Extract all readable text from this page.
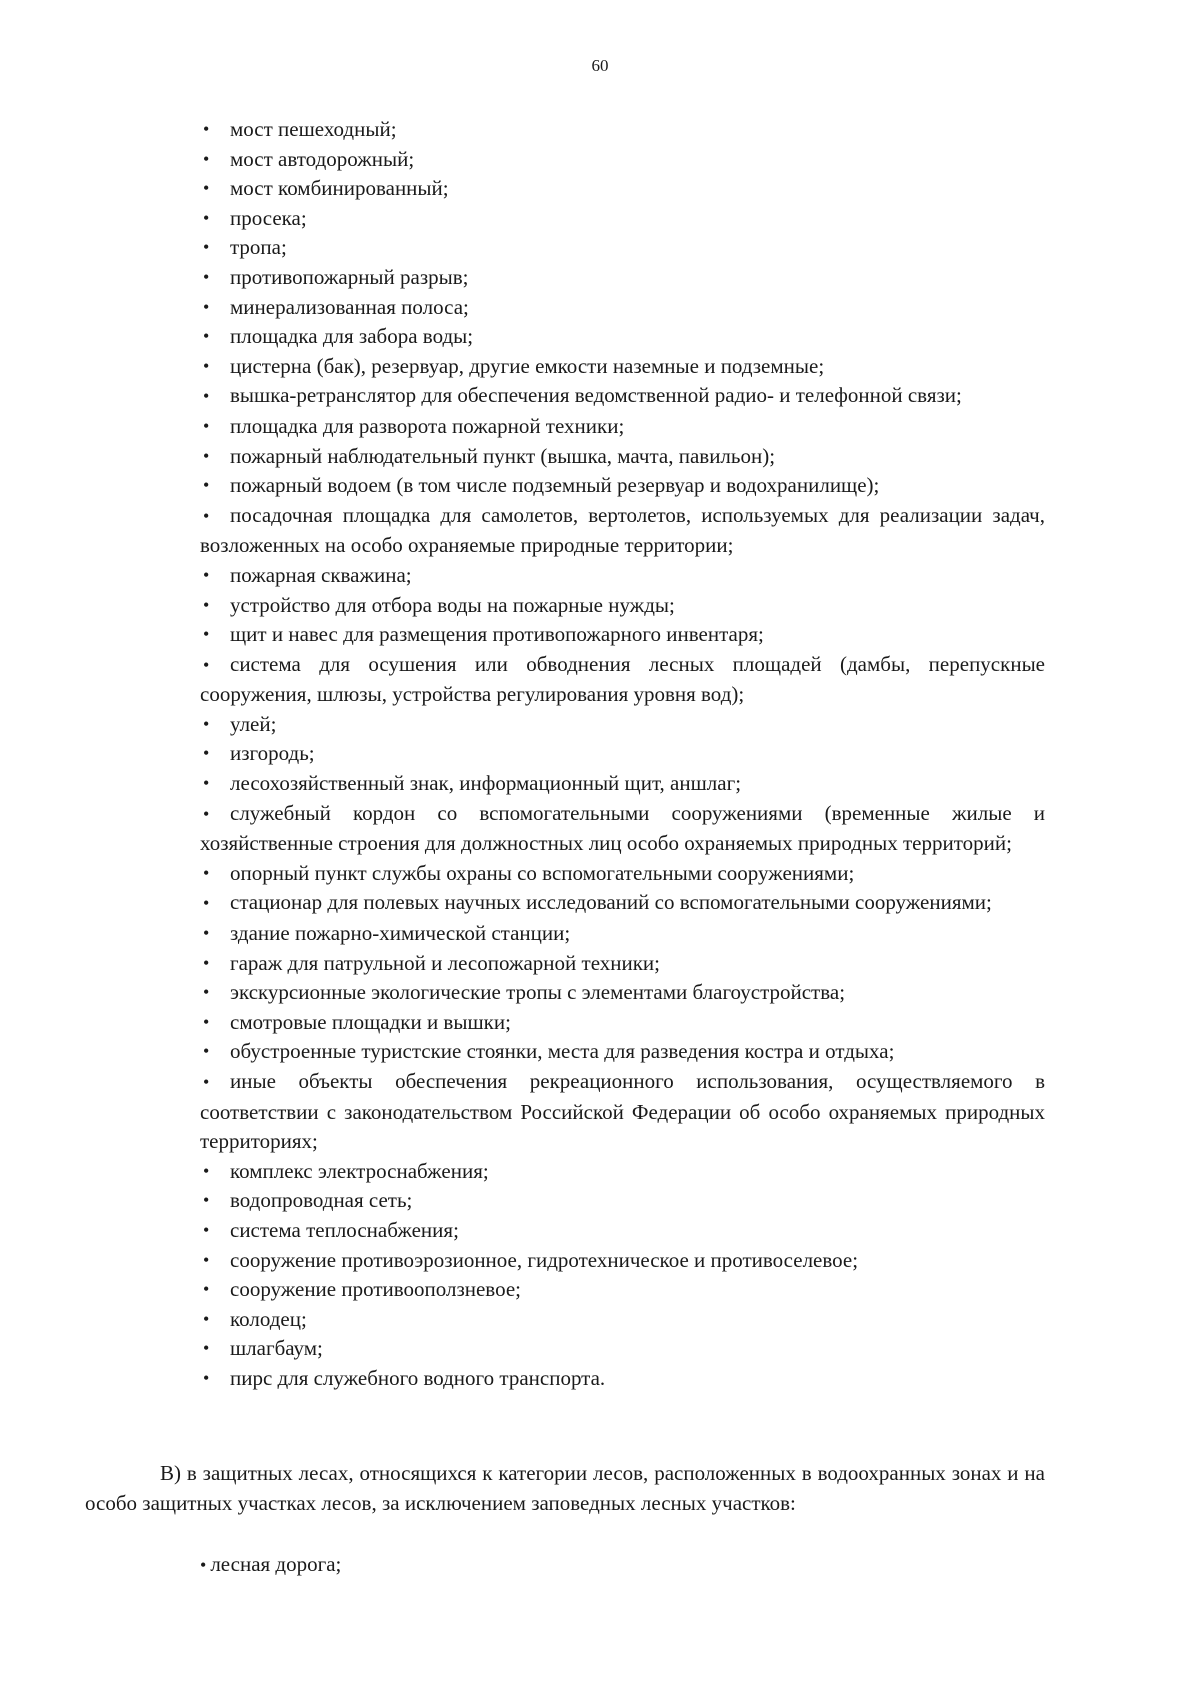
60
• мост пешеходный;
• мост автодорожный;
• мост комбинированный;
• просека;
• тропа;
• противопожарный разрыв;
• минерализованная полоса;
• площадка для забора воды;
• цистерна (бак), резервуар, другие емкости наземные и подземные;
• вышка-ретранслятор для обеспечения ведомственной радио- и телефонной связи;
• площадка для разворота пожарной техники;
• пожарный наблюдательный пункт (вышка, мачта, павильон);
• пожарный водоем (в том числе подземный резервуар и водохранилище);
• посадочная площадка для самолетов, вертолетов, используемых для реализации задач, возложенных на особо охраняемые природные территории;
• пожарная скважина;
• устройство для отбора воды на пожарные нужды;
• щит и навес для размещения противопожарного инвентаря;
• система для осушения или обводнения лесных площадей (дамбы, перепускные сооружения, шлюзы, устройства регулирования уровня вод);
• улей;
• изгородь;
• лесохозяйственный знак, информационный щит, аншлаг;
• служебный кордон со вспомогательными сооружениями (временные жилые и хозяйственные строения для должностных лиц особо охраняемых природных территорий;
• опорный пункт службы охраны со вспомогательными сооружениями;
• стационар для полевых научных исследований со вспомогательными сооружениями;
• здание пожарно-химической станции;
• гараж для патрульной и лесопожарной техники;
• экскурсионные экологические тропы с элементами благоустройства;
• смотровые площадки и вышки;
• обустроенные туристские стоянки, места для разведения костра и отдыха;
• иные объекты обеспечения рекреационного использования, осуществляемого в соответствии с законодательством Российской Федерации об особо охраняемых природных территориях;
• комплекс электроснабжения;
• водопроводная сеть;
• система теплоснабжения;
• сооружение противоэрозионное, гидротехническое и противоселевое;
• сооружение противооползневое;
• колодец;
• шлагбаум;
• пирс для служебного водного транспорта.

В) в защитных лесах, относящихся к категории лесов, расположенных в водоохранных зонах и на особо защитных участках лесов, за исключением заповедных лесных участков:

• лесная дорога;
